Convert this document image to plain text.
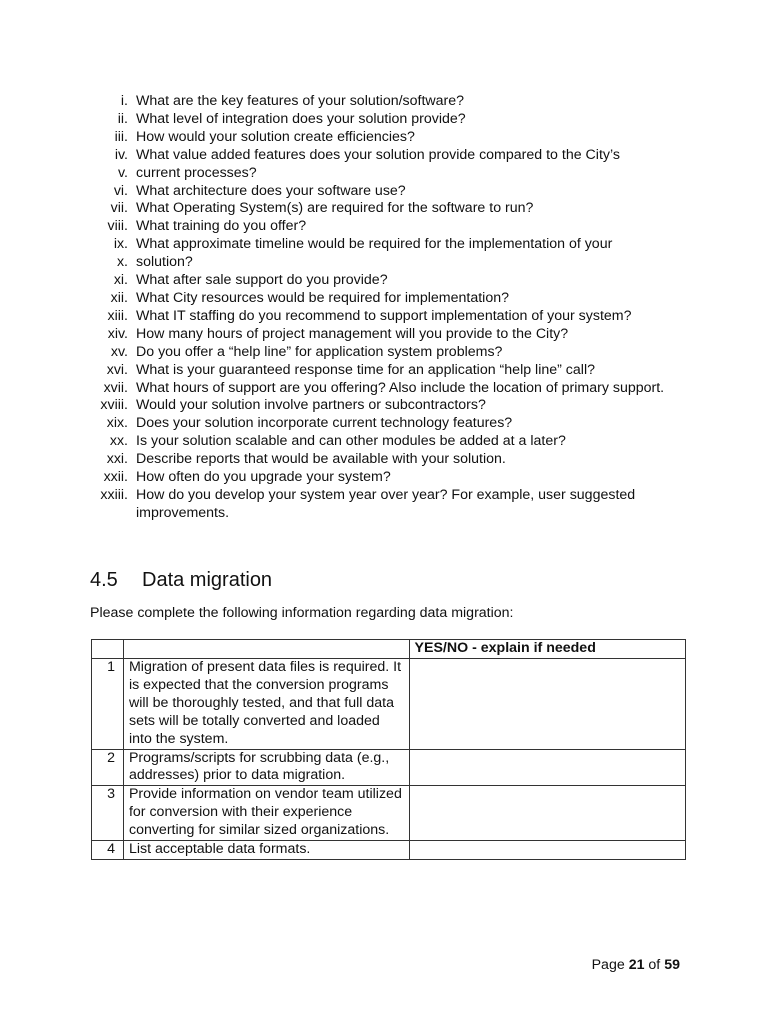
i. What are the key features of your solution/software?
ii. What level of integration does your solution provide?
iii. How would your solution create efficiencies?
iv. What value added features does your solution provide compared to the City’s
v. current processes?
vi. What architecture does your software use?
vii. What Operating System(s) are required for the software to run?
viii. What training do you offer?
ix. What approximate timeline would be required for the implementation of your
x. solution?
xi. What after sale support do you provide?
xii. What City resources would be required for implementation?
xiii. What IT staffing do you recommend to support implementation of your system?
xiv. How many hours of project management will you provide to the City?
xv. Do you offer a “help line” for application system problems?
xvi. What is your guaranteed response time for an application “help line” call?
xvii. What hours of support are you offering? Also include the location of primary support.
xviii. Would your solution involve partners or subcontractors?
xix. Does your solution incorporate current technology features?
xx. Is your solution scalable and can other modules be added at a later?
xxi. Describe reports that would be available with your solution.
xxii. How often do you upgrade your system?
xxiii. How do you develop your system year over year? For example, user suggested improvements.
4.5 Data migration

Please complete the following information regarding data migration:

		YES/NO - explain if needed
1	Migration of present data files is required. It is expected that the conversion programs will be thoroughly tested, and that full data sets will be totally converted and loaded into the system.	
2	Programs/scripts for scrubbing data (e.g., addresses) prior to data migration.	
3	Provide information on vendor team utilized for conversion with their experience converting for similar sized organizations.	
4	List acceptable data formats.	
Page 21 of 59
